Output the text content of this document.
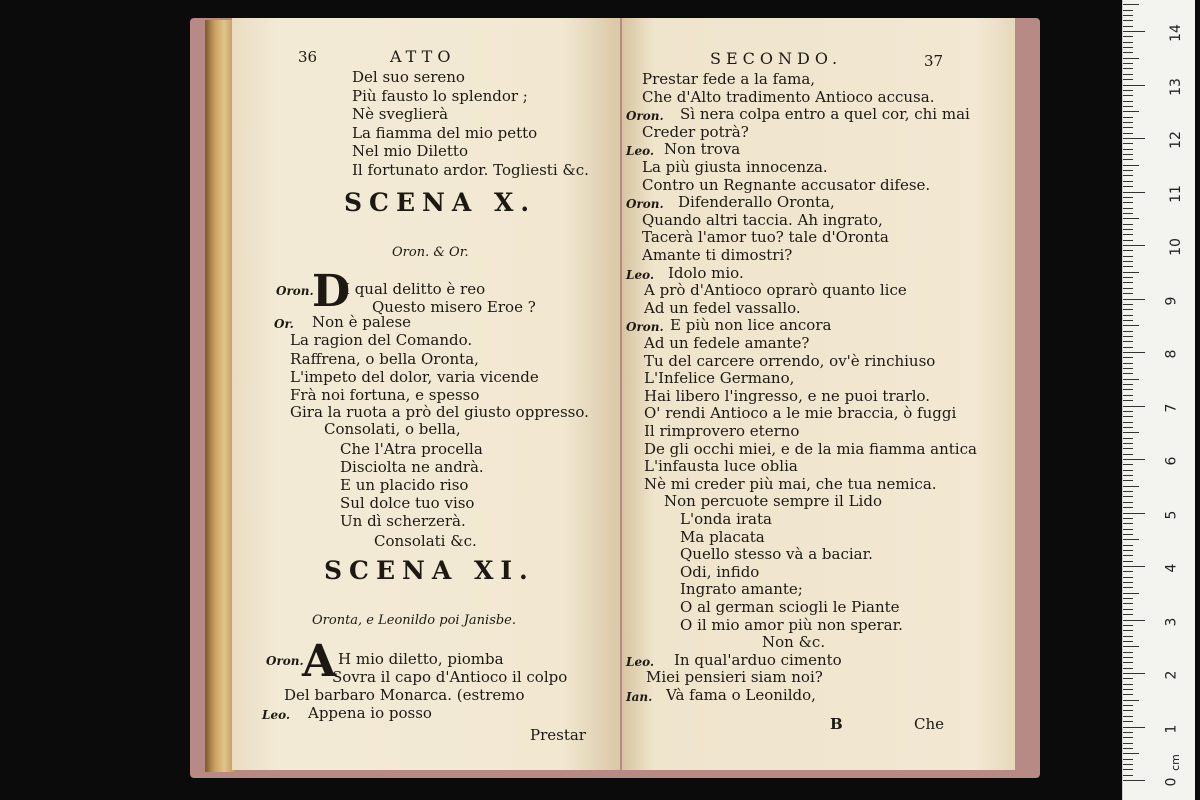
36	ATTO
Del suo sereno
Più fausto lo splendor ;
Nè sveglierà
La fiamma del mio petto
Nel mio Diletto
Il fortunato ardor. Togliesti &c.
SCENA X.
Oron. & Or.
D
Oron. I qual delitto è reo
Questo misero Eroe ?
Or. Non è palese
La ragion del Comando.
Raffrena, o bella Oronta,
L'impeto del dolor, varia vicende
Frà noi fortuna, e spesso
Gira la ruota a prò del giusto oppresso.
Consolati, o bella,
Che l'Atra procella
Disciolta ne andrà.
E un placido riso
Sul dolce tuo viso
Un dì scherzerà.
Consolati &c.
SCENA XI.
Oronta, e Leonildo poi Janisbe.
A
Oron. H mio diletto, piomba
Sovra il capo d'Antioco il colpo
Del barbaro Monarca. (estremo
Leo. Appena io posso
Prestar
SECONDO.	37
B	Che
Prestar fede a la fama,
Che d'Alto tradimento Antioco accusa.
Oron. Sì nera colpa entro a quel cor, chi mai
Creder potrà?
Leo. Non trova
La più giusta innocenza.
Contro un Regnante accusator difese.
Oron. Difenderallo Oronta,
Quando altri taccia. Ah ingrato,
Tacerà l'amor tuo? tale d'Oronta
Amante ti dimostri?
Leo. Idolo mio.
A prò d'Antioco oprarò quanto lice
Ad un fedel vassallo.
Oron. E più non lice ancora
Ad un fedele amante?
Tu del carcere orrendo, ov'è rinchiuso
L'Infelice Germano,
Hai libero l'ingresso, e ne puoi trarlo.
O' rendi Antioco a le mie braccia, ò fuggi
Il rimprovero eterno
De gli occhi miei, e de la mia fiamma antica
L'infausta luce oblia
Nè mi creder più mai, che tua nemica.
Non percuote sempre il Lido
L'onda irata
Ma placata
Quello stesso và a baciar.
Odi, infido
Ingrato amante;
O al german sciogli le Piante
O il mio amor più non sperar.
Non &c.
Leo. In qual'arduo cimento
Miei pensieri siam noi?
Ian. Và fama o Leonildo,
0
cm
1
2
3
4
5
6
7
8
9
10
11
12
13
14
